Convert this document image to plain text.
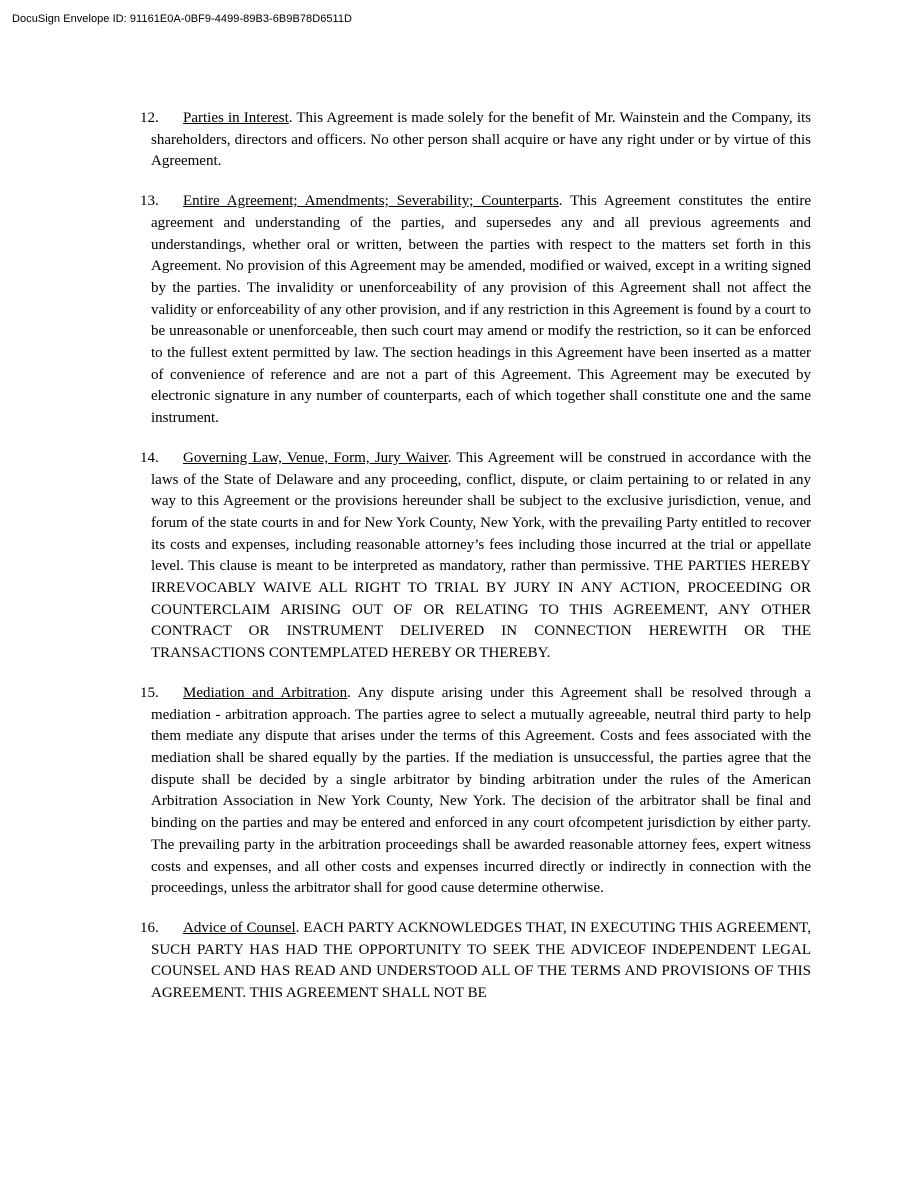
DocuSign Envelope ID: 91161E0A-0BF9-4499-89B3-6B9B78D6511D
12.	Parties in Interest. This Agreement is made solely for the benefit of Mr. Wainstein and the Company, its shareholders, directors and officers. No other person shall acquire or have any right under or by virtue of this Agreement.

13.	Entire Agreement; Amendments; Severability; Counterparts. This Agreement constitutes the entire agreement and understanding of the parties, and supersedes any and all previous agreements and understandings, whether oral or written, between the parties with respect to the matters set forth in this Agreement. No provision of this Agreement may be amended, modified or waived, except in a writing signed by the parties. The invalidity or unenforceability of any provision of this Agreement shall not affect the validity or enforceability of any other provision, and if any restriction in this Agreement is found by a court to be unreasonable or unenforceable, then such court may amend or modify the restriction, so it can be enforced to the fullest extent permitted by law. The section headings in this Agreement have been inserted as a matter of convenience of reference and are not a part of this Agreement. This Agreement may be executed by electronic signature in any number of counterparts, each of which together shall constitute one and the same instrument.

14.	Governing Law, Venue, Form, Jury Waiver. This Agreement will be construed in accordance with the laws of the State of Delaware and any proceeding, conflict, dispute, or claim pertaining to or related in any way to this Agreement or the provisions hereunder shall be subject to the exclusive jurisdiction, venue, and forum of the state courts in and for New York County, New York, with the prevailing Party entitled to recover its costs and expenses, including reasonable attorney’s fees including those incurred at the trial or appellate level. This clause is meant to be interpreted as mandatory, rather than permissive. THE PARTIES HEREBY IRREVOCABLY WAIVE ALL RIGHT TO TRIAL BY JURY IN ANY ACTION, PROCEEDING OR COUNTERCLAIM ARISING OUT OF OR RELATING TO THIS AGREEMENT, ANY OTHER CONTRACT OR INSTRUMENT DELIVERED IN CONNECTION HEREWITH OR THE TRANSACTIONS CONTEMPLATED HEREBY OR THEREBY.

15.	Mediation and Arbitration. Any dispute arising under this Agreement shall be resolved through a mediation - arbitration approach. The parties agree to select a mutually agreeable, neutral third party to help them mediate any dispute that arises under the terms of this Agreement. Costs and fees associated with the mediation shall be shared equally by the parties. If the mediation is unsuccessful, the parties agree that the dispute shall be decided by a single arbitrator by binding arbitration under the rules of the American Arbitration Association in New York County, New York. The decision of the arbitrator shall be final and binding on the parties and may be entered and enforced in any court ofcompetent jurisdiction by either party. The prevailing party in the arbitration proceedings shall be awarded reasonable attorney fees, expert witness costs and expenses, and all other costs and expenses incurred directly or indirectly in connection with the proceedings, unless the arbitrator shall for good cause determine otherwise.

16.	Advice of Counsel. EACH PARTY ACKNOWLEDGES THAT, IN EXECUTING THIS AGREEMENT, SUCH PARTY HAS HAD THE OPPORTUNITY TO SEEK THE ADVICEOF INDEPENDENT LEGAL COUNSEL AND HAS READ AND UNDERSTOOD ALL OF THE TERMS AND PROVISIONS OF THIS AGREEMENT. THIS AGREEMENT SHALL NOT BE
